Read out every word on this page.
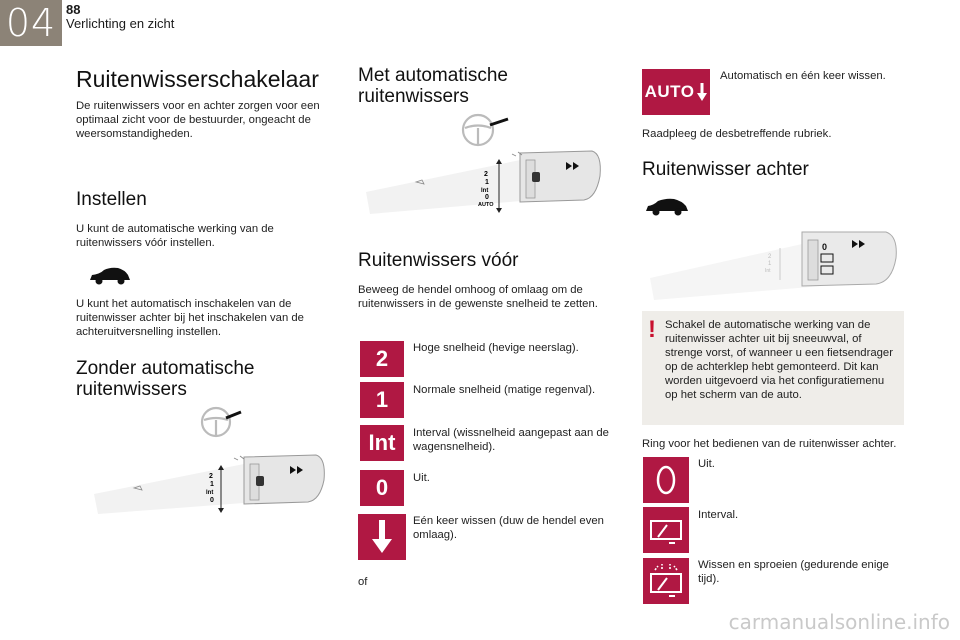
04 88
Verlichting en zicht
Ruitenwisserschakelaar

De ruitenwissers voor en achter zorgen voor een optimaal zicht voor de bestuurder, ongeacht de weersomstandigheden.

Instellen

U kunt de automatische werking van de ruitenwissers vóór instellen.

U kunt het automatisch inschakelen van de ruitenwisser achter bij het inschakelen van de achteruitversnelling instellen.

Zonder automatische ruitenwissers
2
1
Int
0
Met automatische ruitenwissers
2
1
Int
0
AUTO
Ruitenwissers vóór

Beweeg de hendel omhoog of omlaag om de ruitenwissers in de gewenste snelheid te zetten.

2	Hoge snelheid (hevige neerslag).

1	Normale snelheid (matige regenval).

Int	Interval (wissnelheid aangepast aan de wagensnelheid).

0	Uit.

Eén keer wissen (duw de hendel even omlaag).

of

AUTO

Automatisch en één keer wissen.

Raadpleeg de desbetreffende rubriek.

Ruitenwisser achter
0
2
1
Int
! Schakel de automatische werking van de ruitenwisser achter uit bij sneeuwval, of strenge vorst, of wanneer u een fietsendrager op de achterklep hebt gemonteerd. Dit kan worden uitgevoerd via het configuratiemenu op het scherm van de auto.

Ring voor het bedienen van de ruitenwisser achter.

Uit.

Interval.

Wissen en sproeien (gedurende enige tijd).

carmanualsonline.info
